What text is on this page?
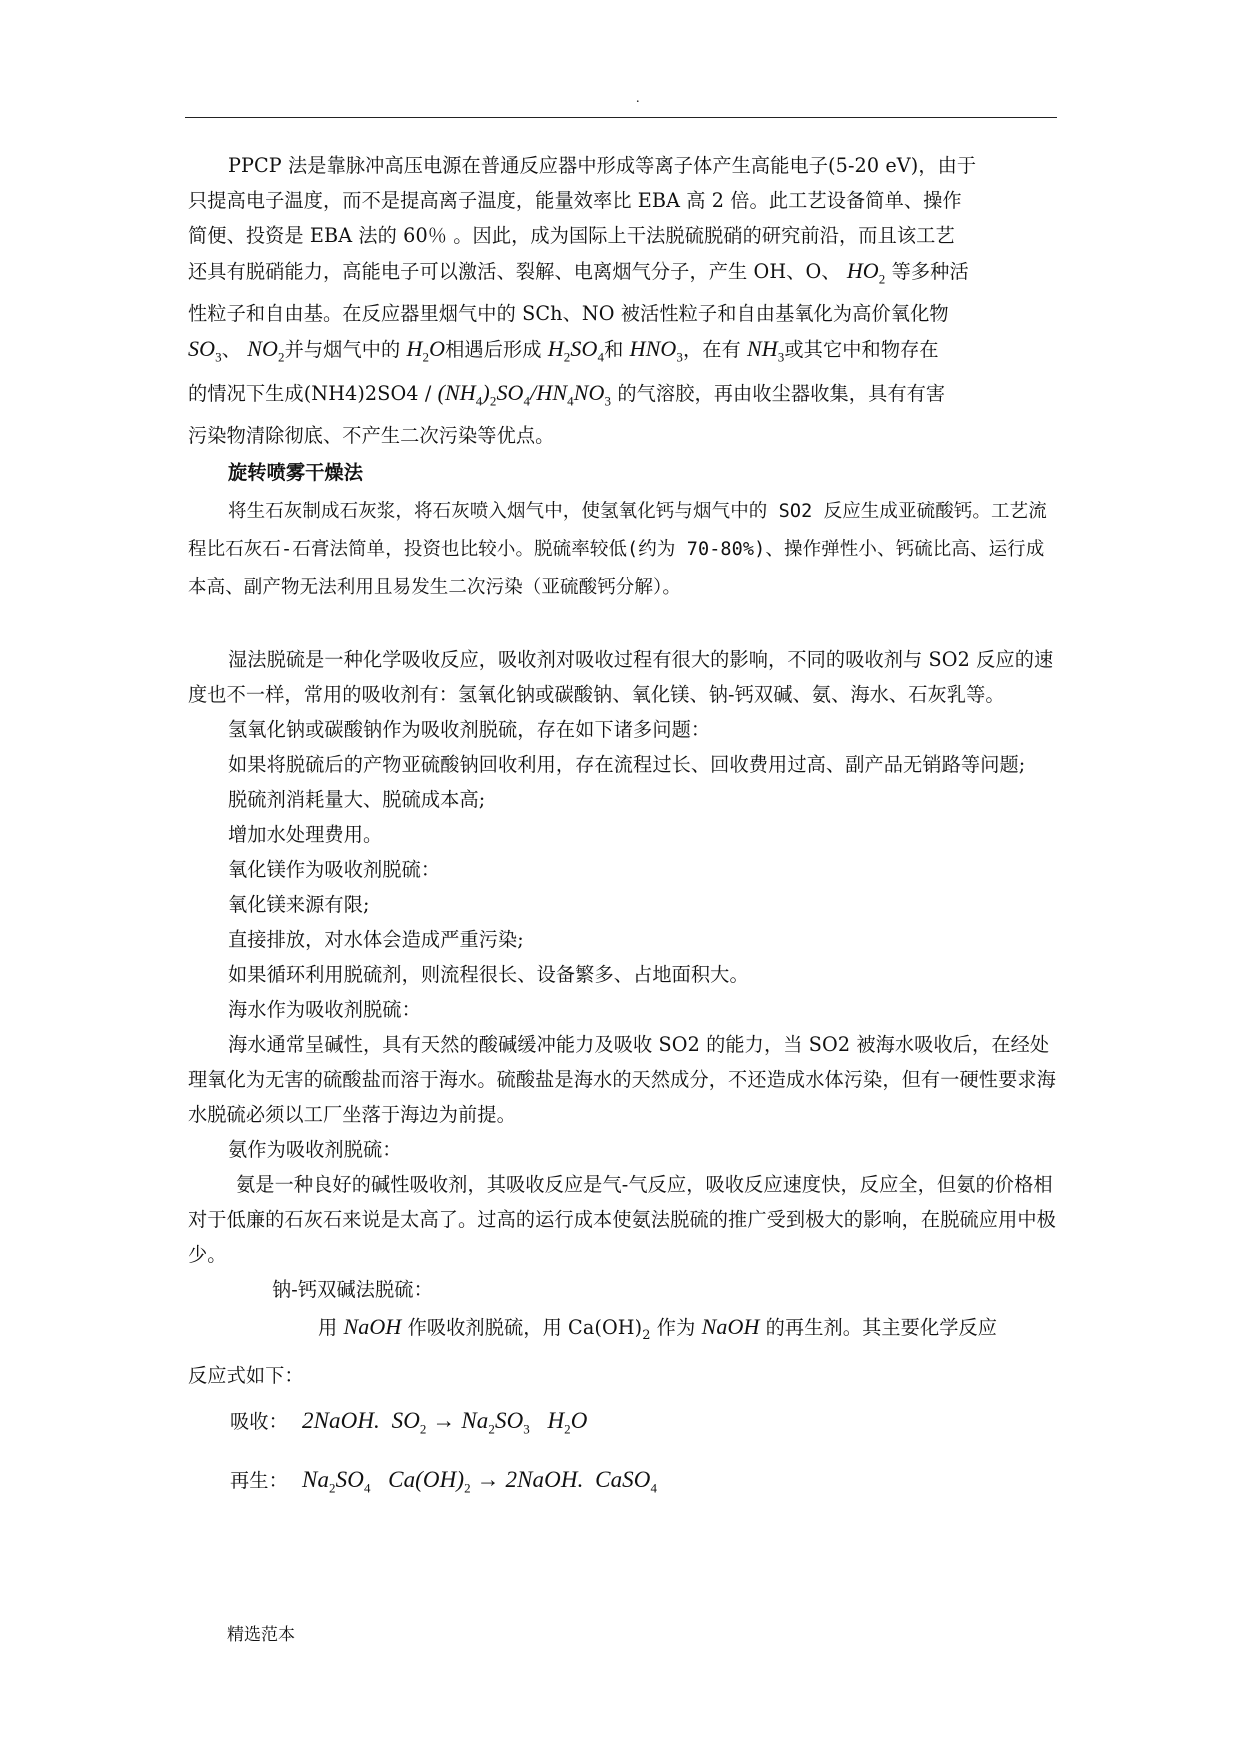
.

PPCP 法是靠脉冲高压电源在普通反应器中形成等离子体产生高能电子(5-20 eV)，由于
只提高电子温度，而不是提高离子温度，能量效率比 EBA 高 2 倍。此工艺设备简单、操作
简便、投资是 EBA 法的 60％ 。因此，成为国际上干法脱硫脱硝的研究前沿，而且该工艺
还具有脱硝能力，高能电子可以激活、裂解、电离烟气分子，产生 OH、O、 $HO_2$ 等多种活
性粒子和自由基。在反应器里烟气中的 SCh、NO 被活性粒子和自由基氧化为高价氧化物
$SO_3$、 $NO_2$并与烟气中的 $H_2O$相遇后形成 $H_2SO_4$和 $HNO_3$，在有 $NH_3$或其它中和物存在
的情况下生成$(NH4)2SO4 / (NH_4)_2SO_4/HN_4NO_3$ 的气溶胶，再由收尘器收集，具有有害
污染物清除彻底、不产生二次污染等优点。

旋转喷雾干燥法

将生石灰制成石灰浆，将石灰喷入烟气中，使氢氧化钙与烟气中的 SO2 反应生成亚硫酸钙。工艺流程比石灰石-石膏法简单，投资也比较小。脱硫率较低(约为 70-80%)、操作弹性小、钙硫比高、运行成本高、副产物无法利用且易发生二次污染（亚硫酸钙分解）。

湿法脱硫是一种化学吸收反应，吸收剂对吸收过程有很大的影响，不同的吸收剂与 SO2 反应的速度也不一样，常用的吸收剂有：氢氧化钠或碳酸钠、氧化镁、钠-钙双碱、氨、海水、石灰乳等。

氢氧化钠或碳酸钠作为吸收剂脱硫，存在如下诸多问题：

如果将脱硫后的产物亚硫酸钠回收利用，存在流程过长、回收费用过高、副产品无销路等问题;

脱硫剂消耗量大、脱硫成本高;

增加水处理费用。

氧化镁作为吸收剂脱硫：

氧化镁来源有限;

直接排放，对水体会造成严重污染;

如果循环利用脱硫剂，则流程很长、设备繁多、占地面积大。

海水作为吸收剂脱硫：

海水通常呈碱性，具有天然的酸碱缓冲能力及吸收 SO2 的能力，当 SO2 被海水吸收后，在经处理氧化为无害的硫酸盐而溶于海水。硫酸盐是海水的天然成分，不还造成水体污染，但有一硬性要求海水脱硫必须以工厂坐落于海边为前提。

氨作为吸收剂脱硫：

氨是一种良好的碱性吸收剂，其吸收反应是气-气反应，吸收反应速度快，反应全，但氨的价格相对于低廉的石灰石来说是太高了。过高的运行成本使氨法脱硫的推广受到极大的影响，在脱硫应用中极少。

钠-钙双碱法脱硫：

用 NaOH 作吸收剂脱硫，用 $Ca(OH)_2$ 作为 NaOH 的再生剂。其主要化学反应
反应式如下：

吸收： 2NaOH.  $SO_2 \to Na_2SO_3$   $H_2O$
再生： $Na_2SO_4$   $Ca(OH)_2$ → 2NaOH.  CaSO$_4$
精选范本
